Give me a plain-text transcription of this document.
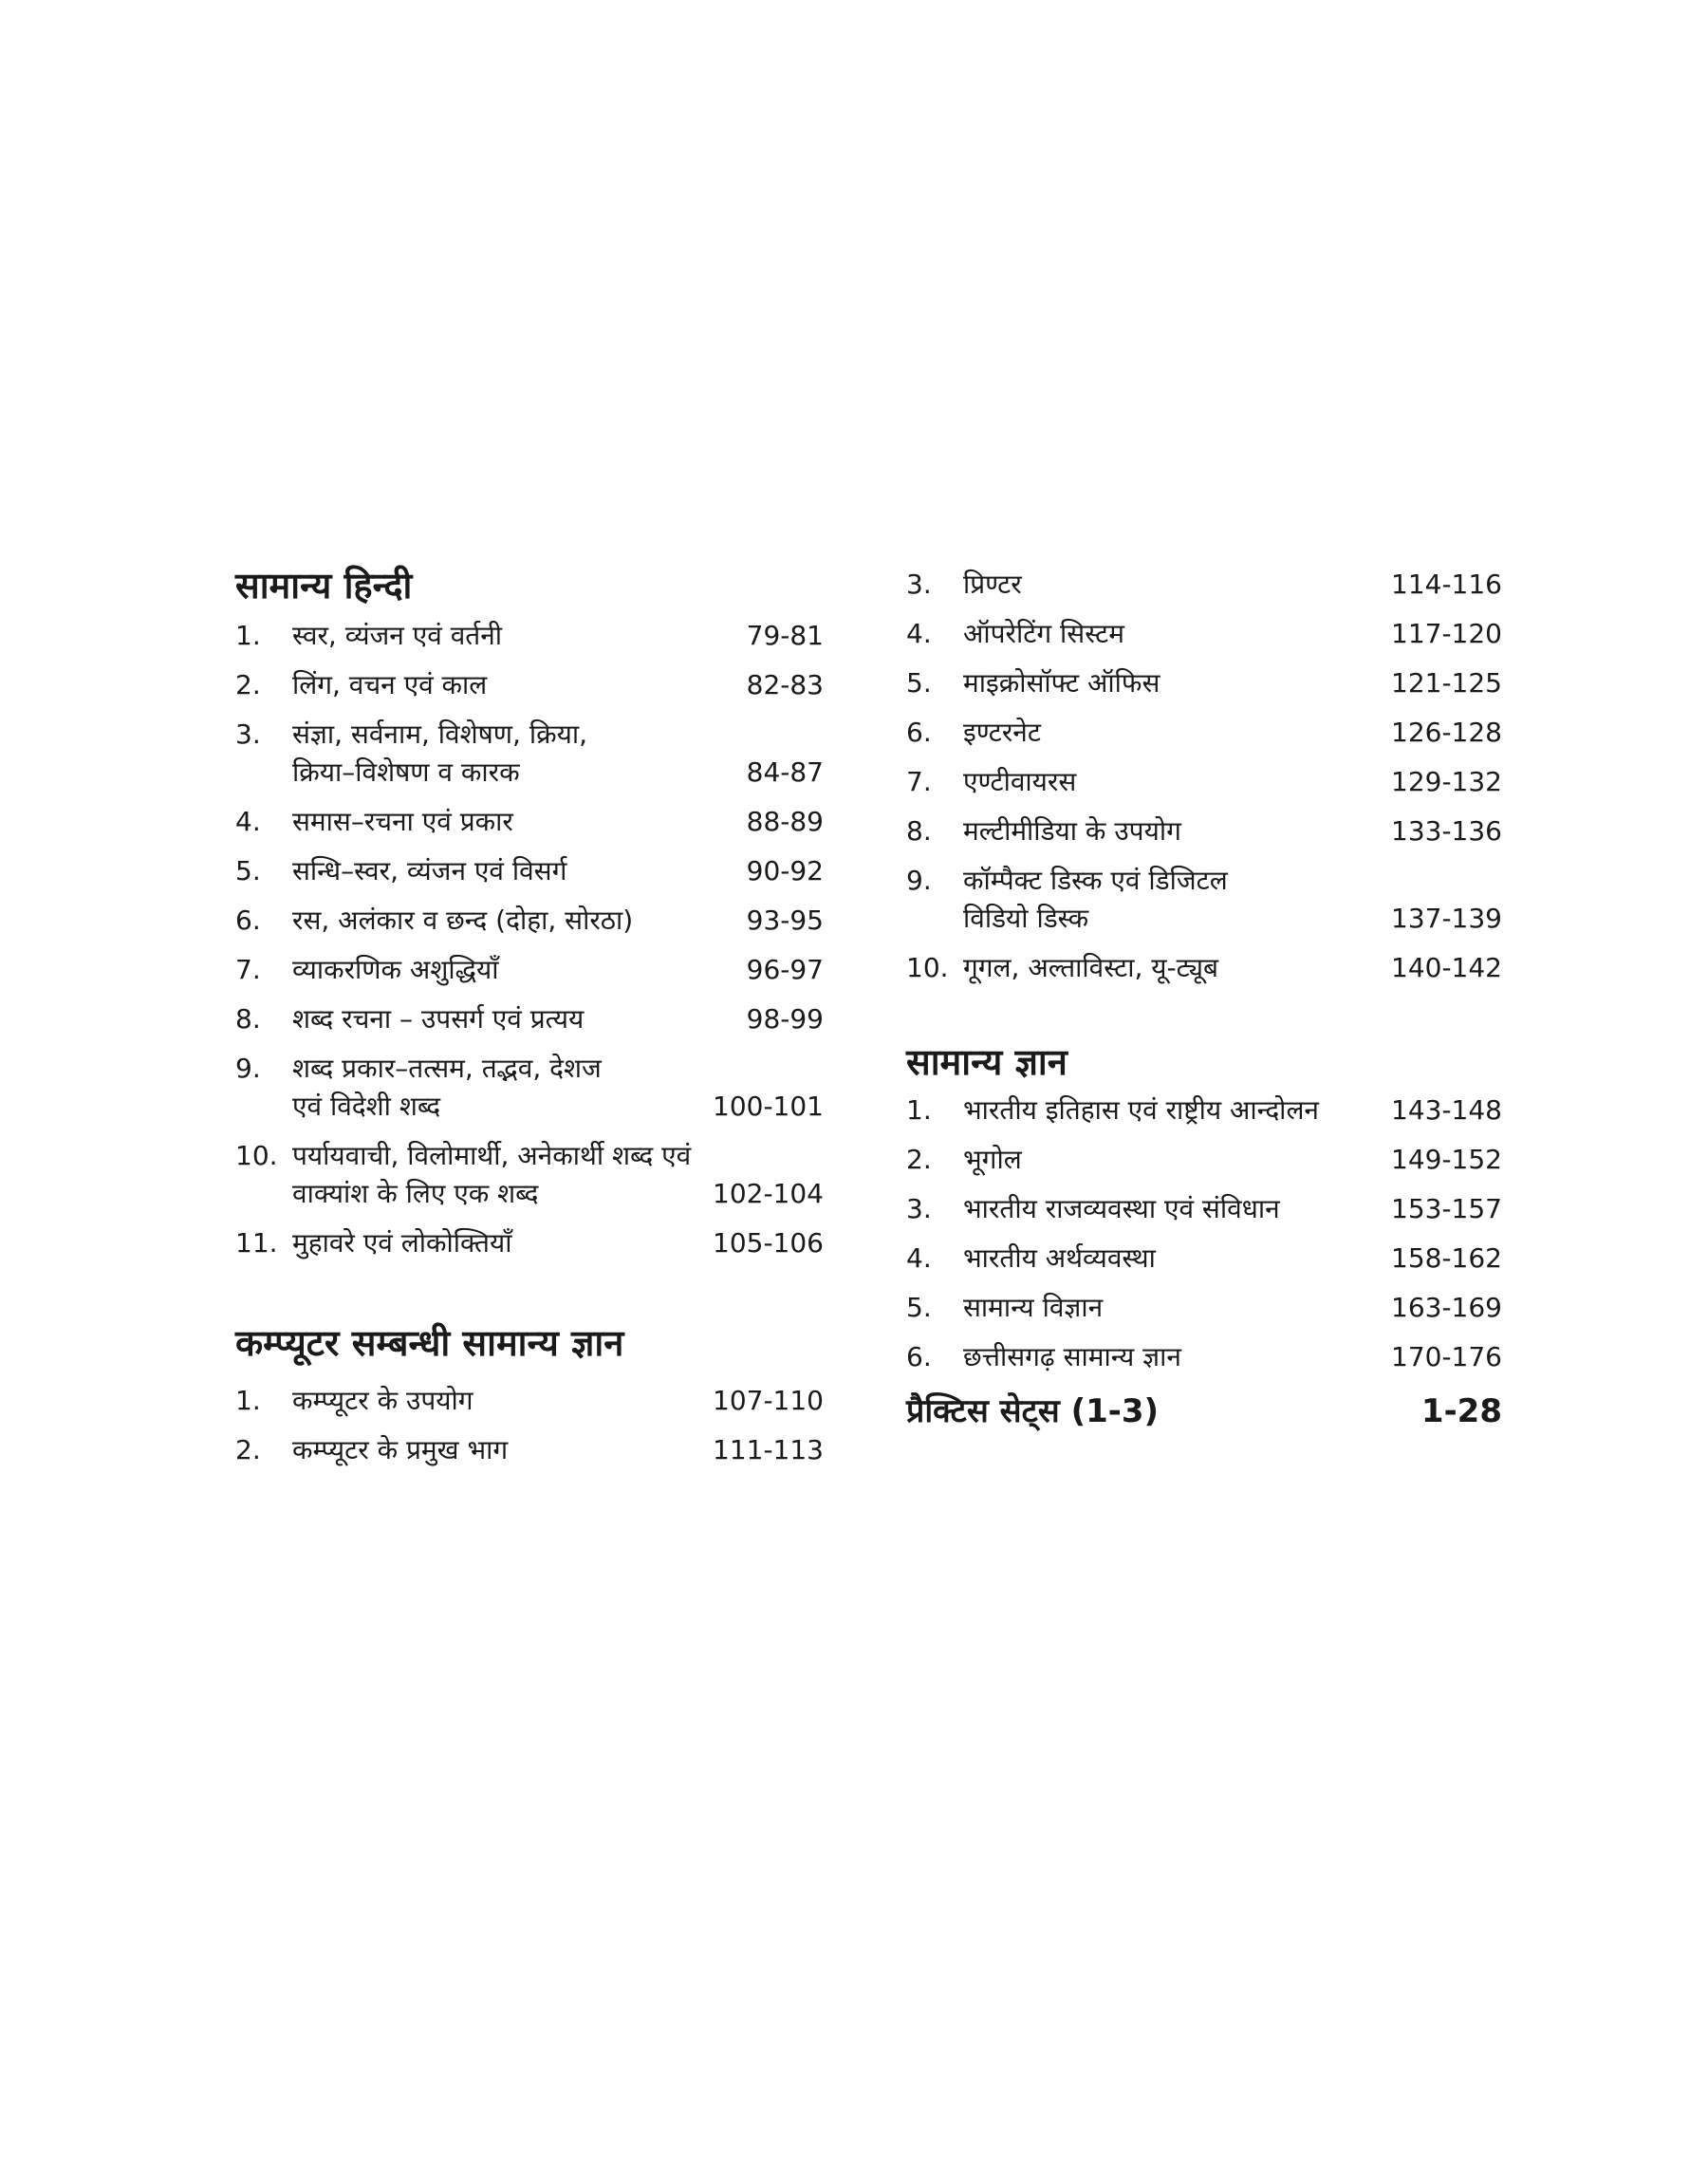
सामान्य हिन्दी
1.	स्वर, व्यंजन एवं वर्तनी	79-81
2.	लिंग, वचन एवं काल	82-83
3.	संज्ञा, सर्वनाम, विशेषण, क्रिया,
क्रिया–विशेषण व कारक	84-87
4.	समास–रचना एवं प्रकार	88-89
5.	सन्धि–स्वर, व्यंजन एवं विसर्ग	90-92
6.	रस, अलंकार व छन्द (दोहा, सोरठा)	93-95
7.	व्याकरणिक अशुद्धियाँ	96-97
8.	शब्द रचना – उपसर्ग एवं प्रत्यय	98-99
9.	शब्द प्रकार–तत्सम, तद्भव, देशज
एवं विदेशी शब्द	100-101
10. पर्यायवाची, विलोमार्थी, अनेकार्थी शब्द एवं
वाक्यांश के लिए एक शब्द	102-104
11. मुहावरे एवं लोकोक्तियाँ	105-106
कम्प्यूटर सम्बन्धी सामान्य ज्ञान
1.	कम्प्यूटर के उपयोग	107-110
2.	कम्प्यूटर के प्रमुख भाग	111-113
3.	प्रिण्टर	114-116
4.	ऑपरेटिंग सिस्टम	117-120
5.	माइक्रोसॉफ्ट ऑफिस	121-125
6.	इण्टरनेट	126-128
7.	एण्टीवायरस	129-132
8.	मल्टीमीडिया के उपयोग	133-136
9.	कॉम्पैक्ट डिस्क एवं डिजिटल
विडियो डिस्क	137-139
10. गूगल, अल्ताविस्टा, यू-ट्यूब	140-142
सामान्य ज्ञान
1.	भारतीय इतिहास एवं राष्ट्रीय आन्दोलन	143-148
2.	भूगोल	149-152
3.	भारतीय राजव्यवस्था एवं संविधान	153-157
4.	भारतीय अर्थव्यवस्था	158-162
5.	सामान्य विज्ञान	163-169
6.	छत्तीसगढ़ सामान्य ज्ञान	170-176
प्रैक्टिस सेट्स (1-3)	1-28
